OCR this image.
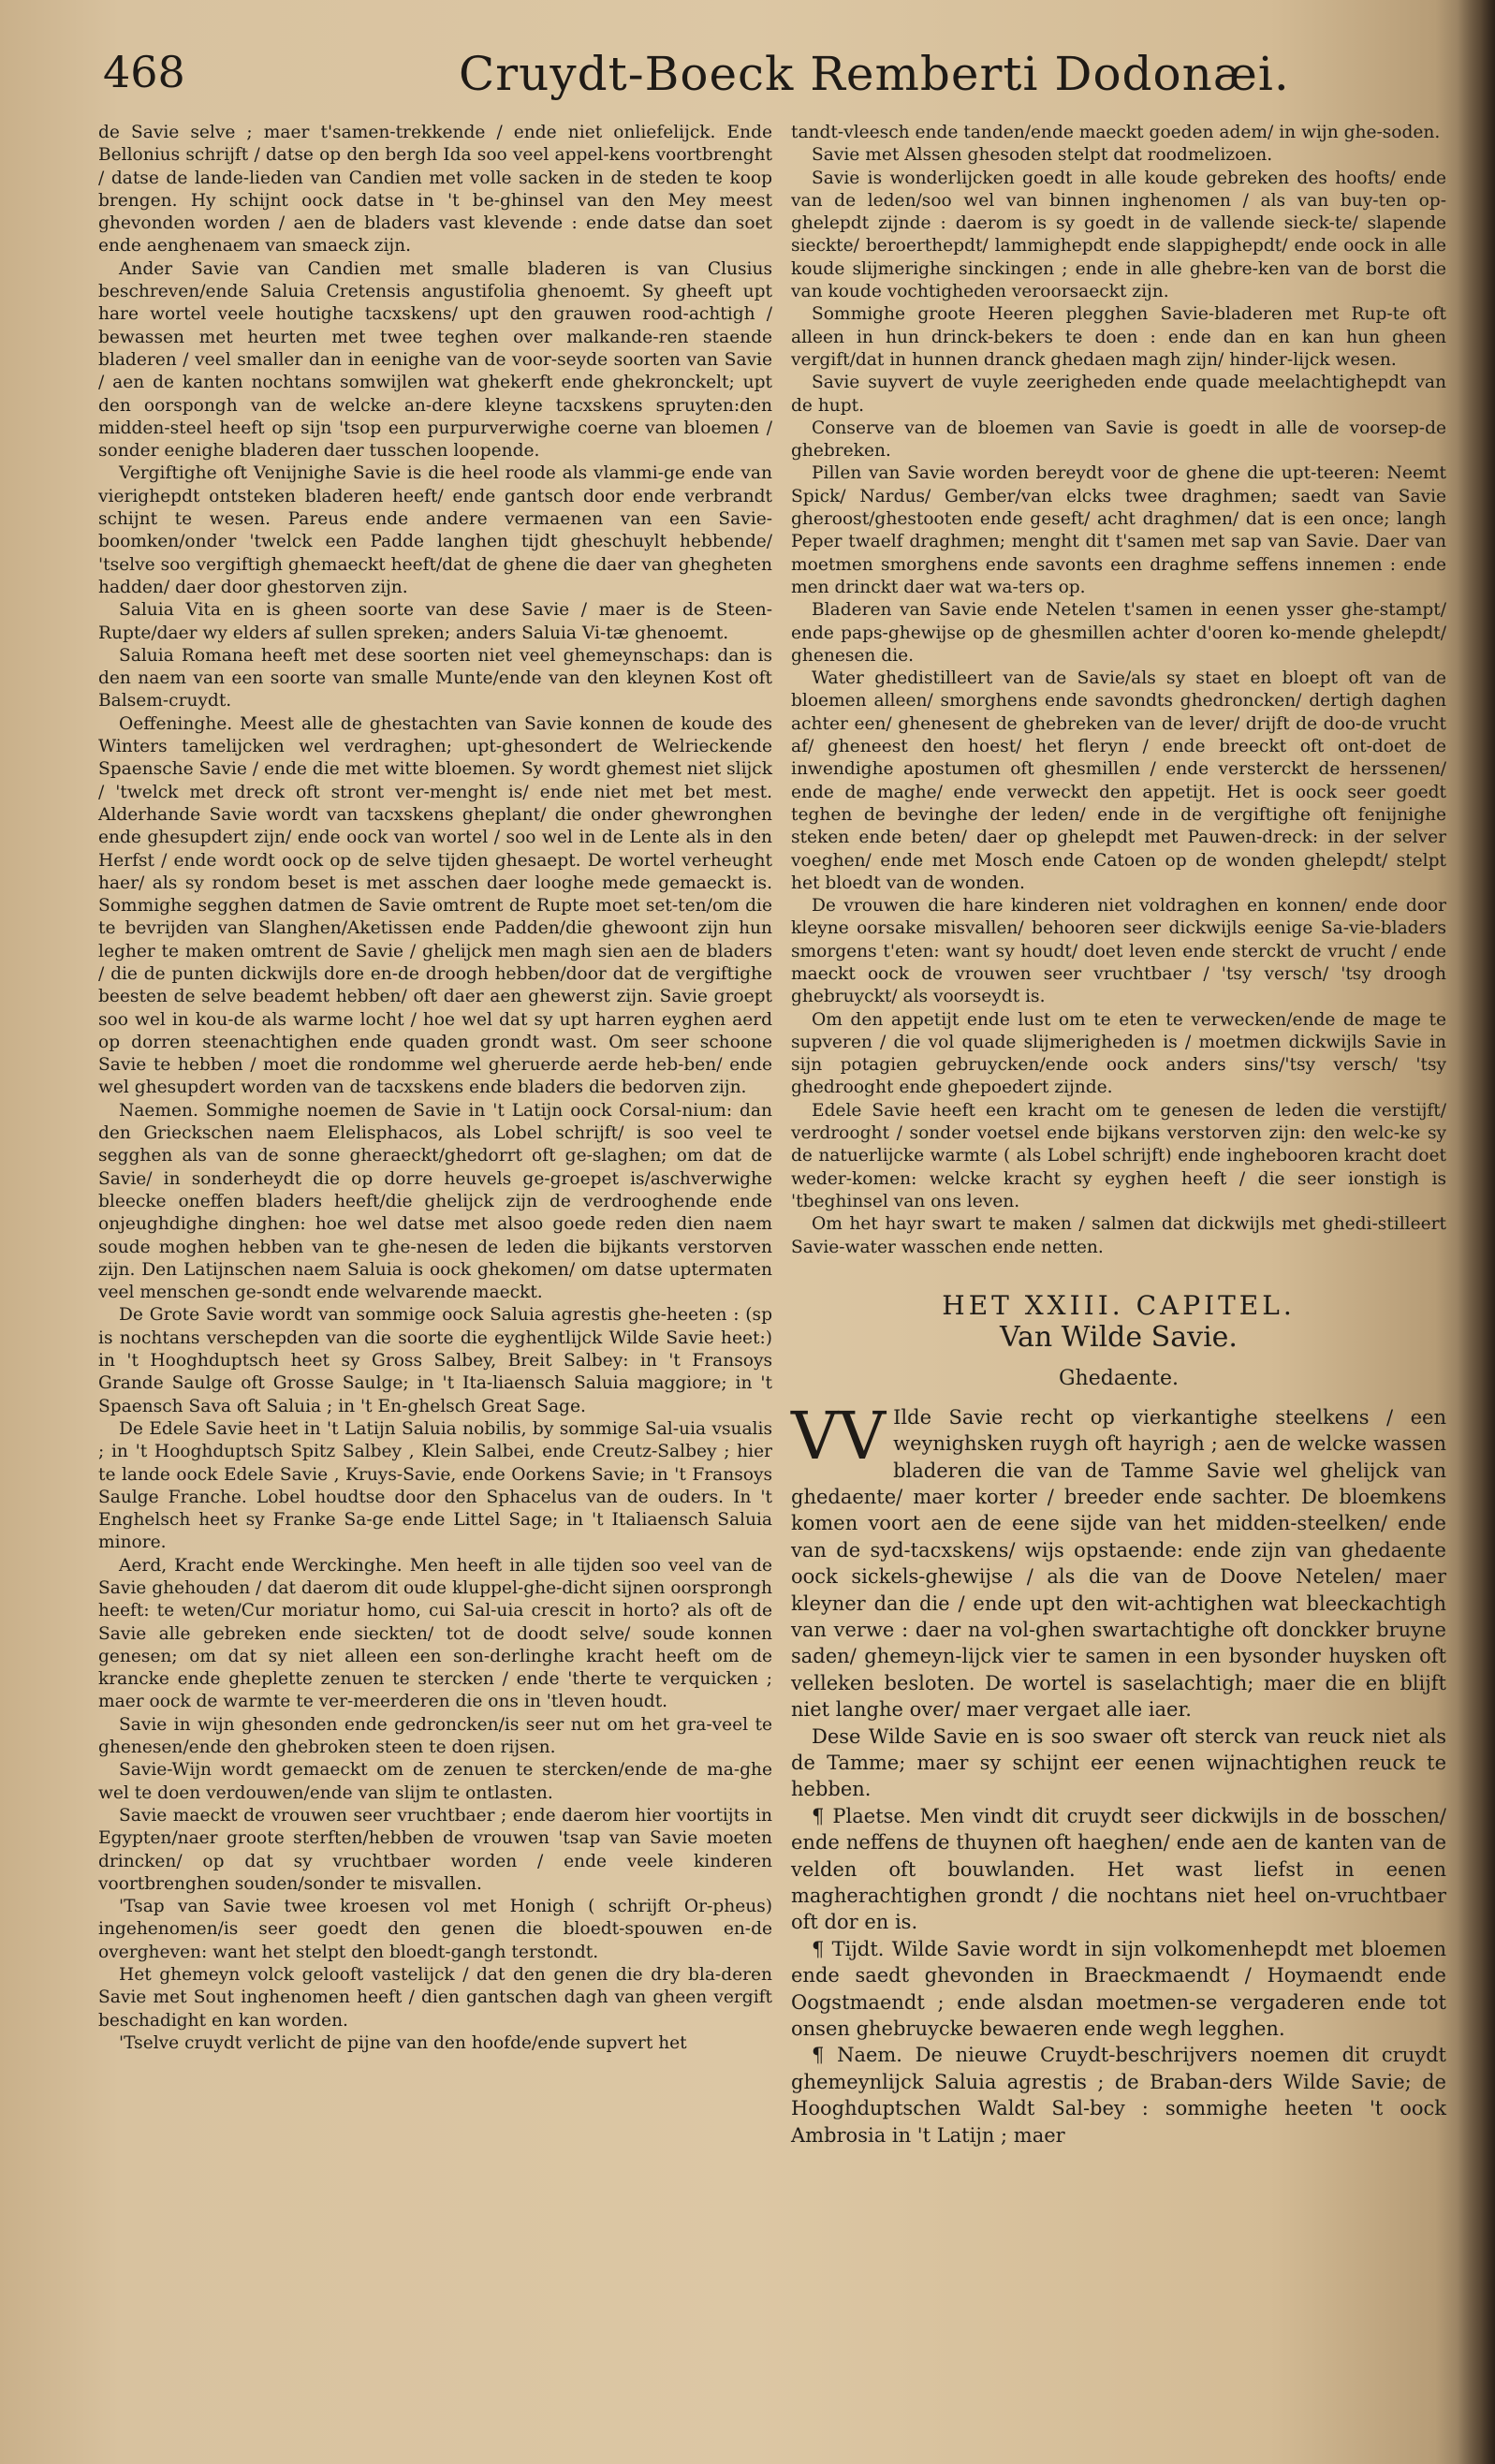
468	Cruydt-Boeck Remberti Dodonæi.

de Savie selve ; maer t'samen-trekkende / ende niet onliefelijck. Ende Bellonius schrijft / datse op den bergh Ida soo veel appel-kens voortbrenght / datse de lande-lieden van Candien met volle sacken in de steden te koop brengen. Hy schijnt oock datse in 't be-ghinsel van den Mey meest ghevonden worden / aen de bladers vast klevende : ende datse dan soet ende aenghenaem van smaeck zijn.

Ander Savie van Candien met smalle bladeren is van Clusius beschreven/ende Saluia Cretensis angustifolia ghenoemt. Sy gheeft upt hare wortel veele houtighe tacxskens/ upt den grauwen rood-achtigh / bewassen met heurten met twee teghen over malkande-ren staende bladeren / veel smaller dan in eenighe van de voor-seyde soorten van Savie / aen de kanten nochtans somwijlen wat ghekerft ende ghekronckelt; upt den oorspongh van de welcke an-dere kleyne tacxskens spruyten:den midden-steel heeft op sijn 'tsop een purpurverwighe coerne van bloemen / sonder eenighe bladeren daer tusschen loopende.

Vergiftighe oft Venijnighe Savie is die heel roode als vlammi-ge ende van vierighepdt ontsteken bladeren heeft/ ende gantsch door ende verbrandt schijnt te wesen. Pareus ende andere vermaenen van een Savie-boomken/onder 'twelck een Padde langhen tijdt gheschuylt hebbende/ 'tselve soo vergiftigh ghemaeckt heeft/dat de ghene die daer van ghegheten hadden/ daer door ghestorven zijn.

Saluia Vita en is gheen soorte van dese Savie / maer is de Steen-Rupte/daer wy elders af sullen spreken; anders Saluia Vi-tæ ghenoemt.

Saluia Romana heeft met dese soorten niet veel ghemeynschaps: dan is den naem van een soorte van smalle Munte/ende van den kleynen Kost oft Balsem-cruydt.

Oeffeninghe. Meest alle de ghestachten van Savie konnen de koude des Winters tamelijcken wel verdraghen; upt-ghesondert de Welrieckende Spaensche Savie / ende die met witte bloemen. Sy wordt ghemest niet slijck / 'twelck met dreck oft stront ver-menght is/ ende niet met bet mest. Alderhande Savie wordt van tacxskens gheplant/ die onder ghewronghen ende ghesupdert zijn/ ende oock van wortel / soo wel in de Lente als in den Herfst / ende wordt oock op de selve tijden ghesaept. De wortel verheught haer/ als sy rondom beset is met asschen daer looghe mede gemaeckt is. Sommighe segghen datmen de Savie omtrent de Rupte moet set-ten/om die te bevrijden van Slanghen/Aketissen ende Padden/die ghewoont zijn hun legher te maken omtrent de Savie / ghelijck men magh sien aen de bladers / die de punten dickwijls dore en-de droogh hebben/door dat de vergiftighe beesten de selve beademt hebben/ oft daer aen ghewerst zijn. Savie groept soo wel in kou-de als warme locht / hoe wel dat sy upt harren eyghen aerd op dorren steenachtighen ende quaden grondt wast. Om seer schoone Savie te hebben / moet die rondomme wel gheruerde aerde heb-ben/ ende wel ghesupdert worden van de tacxskens ende bladers die bedorven zijn.

Naemen. Sommighe noemen de Savie in 't Latijn oock Corsal-nium: dan den Grieckschen naem Elelisphacos, als Lobel schrijft/ is soo veel te segghen als van de sonne gheraeckt/ghedorrt oft ge-slaghen; om dat de Savie/ in sonderheydt die op dorre heuvels ge-groepet is/aschverwighe bleecke oneffen bladers heeft/die ghelijck zijn de verdrooghende ende onjeughdighe dinghen: hoe wel datse met alsoo goede reden dien naem soude moghen hebben van te ghe-nesen de leden die bijkants verstorven zijn. Den Latijnschen naem Saluia is oock ghekomen/ om datse uptermaten veel menschen ge-sondt ende welvarende maeckt.

De Grote Savie wordt van sommige oock Saluia agrestis ghe-heeten : (sp is nochtans verschepden van die soorte die eyghentlijck Wilde Savie heet:) in 't Hooghduptsch heet sy Gross Salbey, Breit Salbey: in 't Fransoys Grande Saulge oft Grosse Saulge; in 't Ita-liaensch Saluia maggiore; in 't Spaensch Sava oft Saluia ; in 't En-ghelsch Great Sage.

De Edele Savie heet in 't Latijn Saluia nobilis, by sommige Sal-uia vsualis ; in 't Hooghduptsch Spitz Salbey , Klein Salbei, ende Creutz-Salbey ; hier te lande oock Edele Savie , Kruys-Savie, ende Oorkens Savie; in 't Fransoys Saulge Franche. Lobel houdtse door den Sphacelus van de ouders. In 't Enghelsch heet sy Franke Sa-ge ende Littel Sage; in 't Italiaensch Saluia minore.

Aerd, Kracht ende Werckinghe. Men heeft in alle tijden soo veel van de Savie ghehouden / dat daerom dit oude kluppel-ghe-dicht sijnen oorsprongh heeft: te weten/Cur moriatur homo, cui Sal-uia crescit in horto? als oft de Savie alle gebreken ende sieckten/ tot de doodt selve/ soude konnen genesen; om dat sy niet alleen een son-derlinghe kracht heeft om de krancke ende gheplette zenuen te stercken / ende 'therte te verquicken ; maer oock de warmte te ver-meerderen die ons in 'tleven houdt.

Savie in wijn ghesonden ende gedroncken/is seer nut om het gra-veel te ghenesen/ende den ghebroken steen te doen rijsen.

Savie-Wijn wordt gemaeckt om de zenuen te stercken/ende de ma-ghe wel te doen verdouwen/ende van slijm te ontlasten.

Savie maeckt de vrouwen seer vruchtbaer ; ende daerom hier voortijts in Egypten/naer groote sterften/hebben de vrouwen 'tsap van Savie moeten drincken/ op dat sy vruchtbaer worden / ende veele kinderen voortbrenghen souden/sonder te misvallen.

'Tsap van Savie twee kroesen vol met Honigh ( schrijft Or-pheus) ingehenomen/is seer goedt den genen die bloedt-spouwen en-de overgheven: want het stelpt den bloedt-gangh terstondt.

Het ghemeyn volck gelooft vastelijck / dat den genen die dry bla-deren Savie met Sout inghenomen heeft / dien gantschen dagh van gheen vergift beschadight en kan worden.

'Tselve cruydt verlicht de pijne van den hoofde/ende supvert het

tandt-vleesch ende tanden/ende maeckt goeden adem/ in wijn ghe-soden.

Savie met Alssen ghesoden stelpt dat roodmelizoen.

Savie is wonderlijcken goedt in alle koude gebreken des hoofts/ ende van de leden/soo wel van binnen inghenomen / als van buy-ten op-ghelepdt zijnde : daerom is sy goedt in de vallende sieck-te/ slapende sieckte/ beroerthepdt/ lammighepdt ende slappighepdt/ ende oock in alle koude slijmerighe sinckingen ; ende in alle ghebre-ken van de borst die van koude vochtigheden veroorsaeckt zijn.

Sommighe groote Heeren plegghen Savie-bladeren met Rup-te oft alleen in hun drinck-bekers te doen : ende dan en kan hun gheen vergift/dat in hunnen dranck ghedaen magh zijn/ hinder-lijck wesen.

Savie suyvert de vuyle zeerigheden ende quade meelachtighepdt van de hupt.

Conserve van de bloemen van Savie is goedt in alle de voorsep-de ghebreken.

Pillen van Savie worden bereydt voor de ghene die upt-teeren: Neemt Spick/ Nardus/ Gember/van elcks twee draghmen; saedt van Savie gheroost/ghestooten ende geseft/ acht draghmen/ dat is een once; langh Peper twaelf draghmen; menght dit t'samen met sap van Savie. Daer van moetmen smorghens ende savonts een draghme seffens innemen : ende men drinckt daer wat wa-ters op.

Bladeren van Savie ende Netelen t'samen in eenen ysser ghe-stampt/ ende paps-ghewijse op de ghesmillen achter d'ooren ko-mende ghelepdt/ ghenesen die.

Water ghedistilleert van de Savie/als sy staet en bloept oft van de bloemen alleen/ smorghens ende savondts ghedroncken/ dertigh daghen achter een/ ghenesent de ghebreken van de lever/ drijft de doo-de vrucht af/ gheneest den hoest/ het fleryn / ende breeckt oft ont-doet de inwendighe apostumen oft ghesmillen / ende versterckt de herssenen/ ende de maghe/ ende verweckt den appetijt. Het is oock seer goedt teghen de bevinghe der leden/ ende in de vergiftighe oft fenijnighe steken ende beten/ daer op ghelepdt met Pauwen-dreck: in der selver voeghen/ ende met Mosch ende Catoen op de wonden ghelepdt/ stelpt het bloedt van de wonden.

De vrouwen die hare kinderen niet voldraghen en konnen/ ende door kleyne oorsake misvallen/ behooren seer dickwijls eenige Sa-vie-bladers smorgens t'eten: want sy houdt/ doet leven ende sterckt de vrucht / ende maeckt oock de vrouwen seer vruchtbaer / 'tsy versch/ 'tsy droogh ghebruyckt/ als voorseydt is.

Om den appetijt ende lust om te eten te verwecken/ende de mage te supveren / die vol quade slijmerigheden is / moetmen dickwijls Savie in sijn potagien gebruycken/ende oock anders sins/'tsy versch/ 'tsy ghedrooght ende ghepoedert zijnde.

Edele Savie heeft een kracht om te genesen de leden die verstijft/ verdrooght / sonder voetsel ende bijkans verstorven zijn: den welc-ke sy de natuerlijcke warmte ( als Lobel schrijft) ende inghebooren kracht doet weder-komen: welcke kracht sy eyghen heeft / die seer ionstigh is 'tbeghinsel van ons leven.

Om het hayr swart te maken / salmen dat dickwijls met ghedi-stilleert Savie-water wasschen ende netten.

HET XXIII. CAPITEL.
Van Wilde Savie.
Ghedaente.

VV Ilde Savie recht op vierkantighe steelkens / een weynighsken ruygh oft hayrigh ; aen de welcke wassen bladeren die van de Tamme Savie wel ghelijck van ghedaente/ maer korter / breeder ende sachter. De bloemkens komen voort aen de eene sijde van het midden-steelken/ ende van de syd-tacxskens/ wijs opstaende: ende zijn van ghedaente oock sickels-ghewijse / als die van de Doove Netelen/ maer kleyner dan die / ende upt den wit-achtighen wat bleeckachtigh van verwe : daer na vol-ghen swartachtighe oft donckker bruyne saden/ ghemeyn-lijck vier te samen in een bysonder huysken oft velleken besloten. De wortel is saselachtigh; maer die en blijft niet langhe over/ maer vergaet alle iaer.

Dese Wilde Savie en is soo swaer oft sterck van reuck niet als de Tamme; maer sy schijnt eer eenen wijnachtighen reuck te hebben.

¶ Plaetse. Men vindt dit cruydt seer dickwijls in de bosschen/ ende neffens de thuynen oft haeghen/ ende aen de kanten van de velden oft bouwlanden. Het wast liefst in eenen magherachtighen grondt / die nochtans niet heel on-vruchtbaer oft dor en is.

¶ Tijdt. Wilde Savie wordt in sijn volkomenhepdt met bloemen ende saedt ghevonden in Braeckmaendt / Hoymaendt ende Oogstmaendt ; ende alsdan moetmen-se vergaderen ende tot onsen ghebruycke bewaeren ende wegh legghen.

¶ Naem. De nieuwe Cruydt-beschrijvers noemen dit cruydt ghemeynlijck Saluia agrestis ; de Braban-ders Wilde Savie; de Hooghduptschen Waldt Sal-bey : sommighe heeten 't oock Ambrosia in 't Latijn ; maer
